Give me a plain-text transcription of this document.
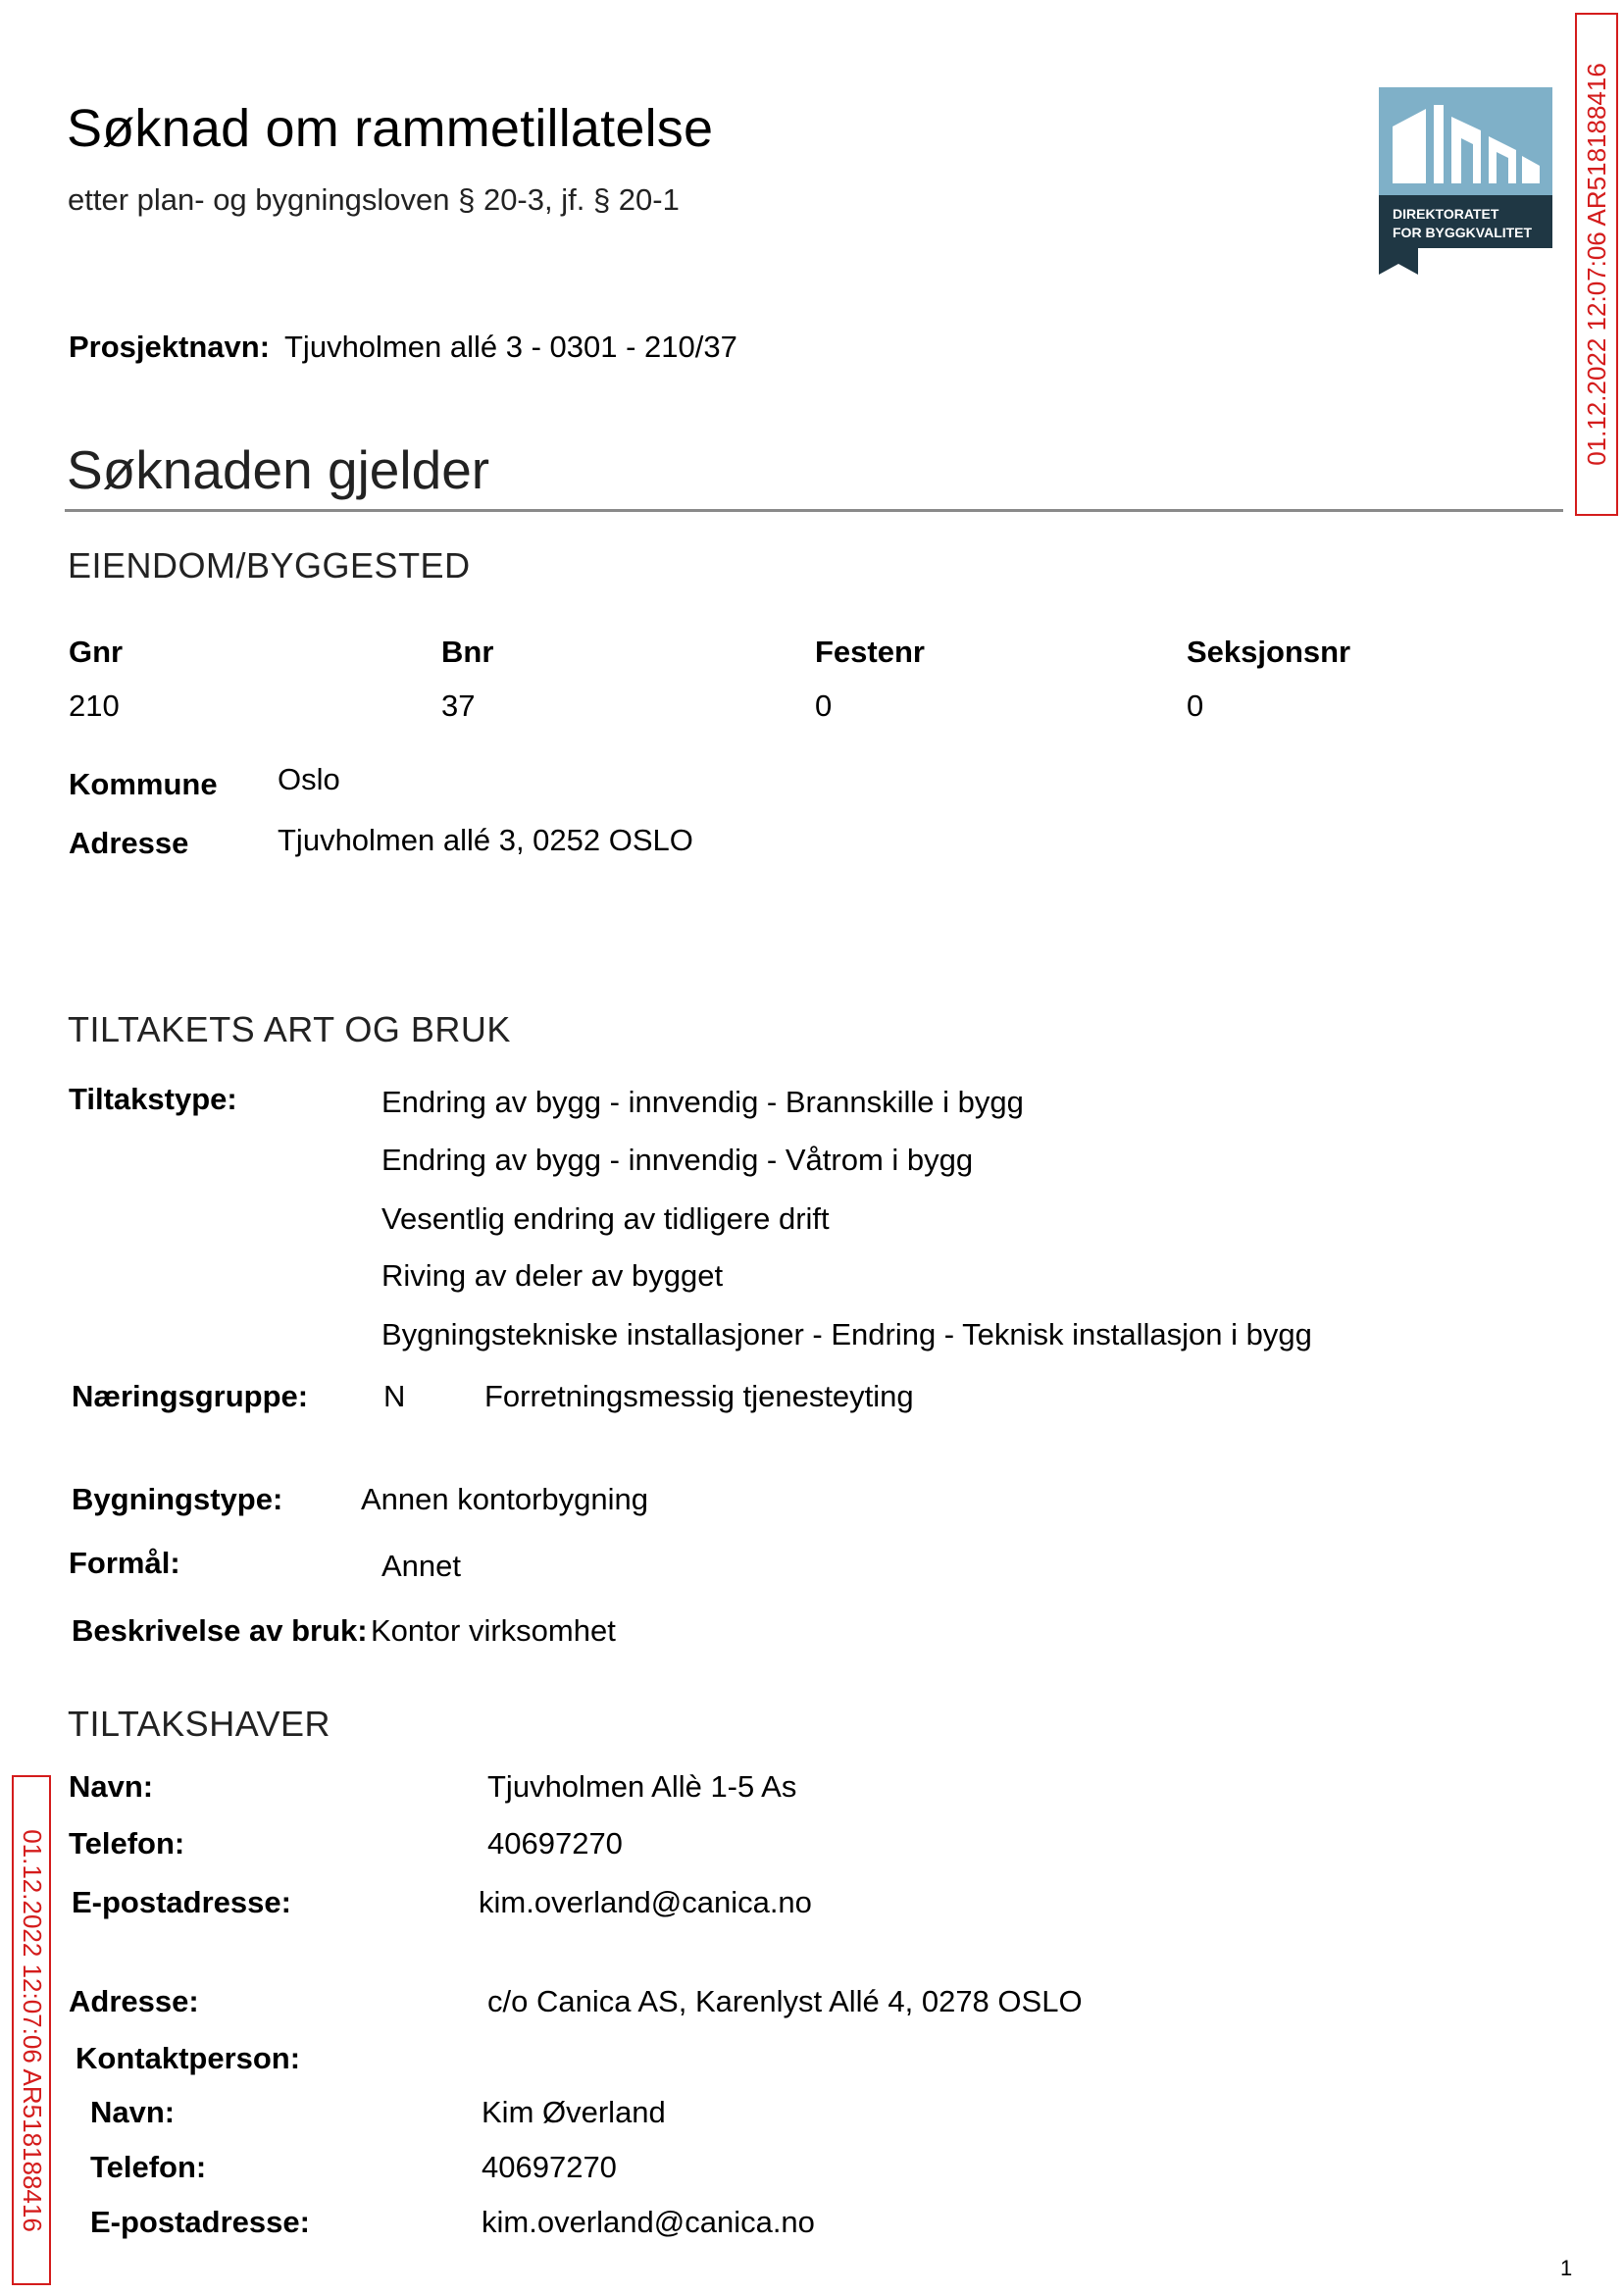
Søknad om rammetillatelse
etter plan- og bygningsloven § 20-3, jf. § 20-1	DIREKTORATET
FOR BYGGKVALITET 01.12.2022 12:07:06 AR518188416
01.12.2022 12:07:06 AR518188416
Prosjektnavn: Tjuvholmen allé 3 - 0301 - 210/37
Søknaden gjelder
EIENDOM/BYGGESTED
Gnr	Bnr	Festenr	Seksjonsnr
210	37	0	0
Kommune Oslo
Adresse	Tjuvholmen allé 3, 0252 OSLO
TILTAKETS ART OG BRUK
Tiltakstype:	Endring av bygg - innvendig - Brannskille i bygg
Endring av bygg - innvendig - Våtrom i bygg
Vesentlig endring av tidligere drift
Riving av deler av bygget
Bygningstekniske installasjoner - Endring - Teknisk installasjon i bygg
Næringsgruppe: N	Forretningsmessig tjenesteyting
Bygningstype:	Annen kontorbygning
Formål:	Annet
Beskrivelse av bruk: Kontor virksomhet
TILTAKSHAVER
Navn:	Tjuvholmen Allè 1-5 As
Telefon:	40697270
E-postadresse:	kim.overland@canica.no
Adresse:	c/o Canica AS, Karenlyst Allé 4, 0278 OSLO
Kontaktperson:
Navn:	Kim Øverland
Telefon:	40697270
E-postadresse:	kim.overland@canica.no
1
